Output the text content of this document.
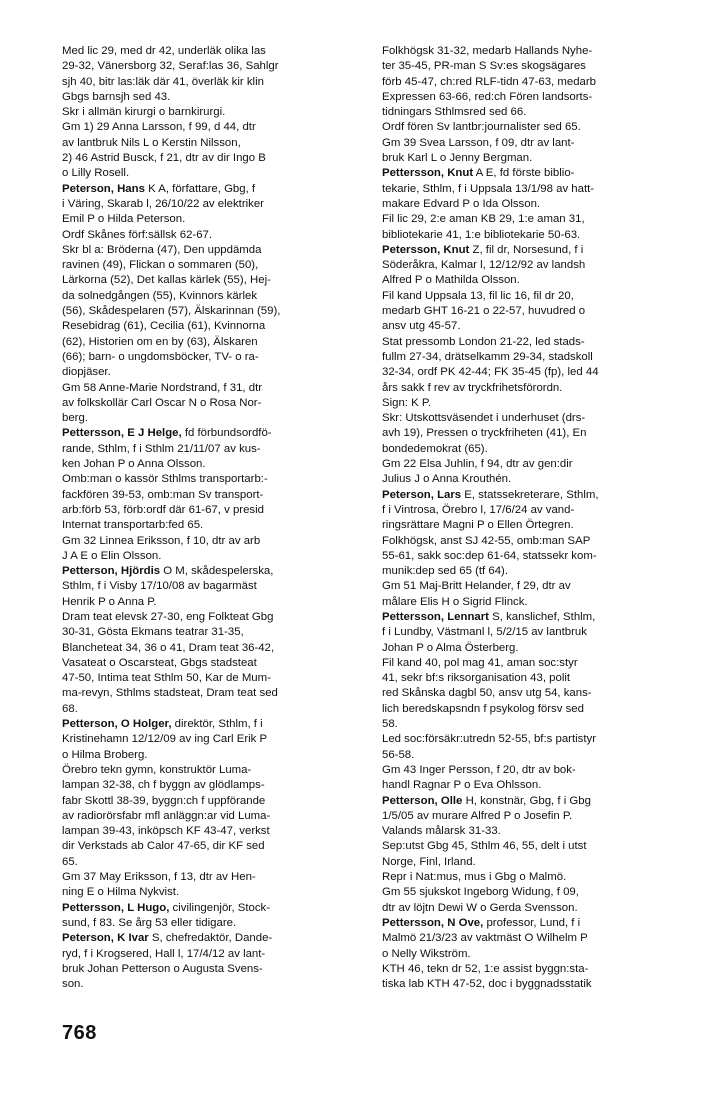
Med lic 29, med dr 42, underläk olika las
29-32, Vänersborg 32, Seraf:las 36, Sahlgr
sjh 40, bitr las:läk där 41, överläk kir klin
Gbgs barnsjh sed 43.
Skr i allmän kirurgi o barnkirurgi.
Gm 1) 29 Anna Larsson, f 99, d 44, dtr
av lantbruk Nils L o Kerstin Nilsson,
2) 46 Astrid Busck, f 21, dtr av dir Ingo B
o Lilly Rosell.
Peterson, Hans K A, författare, Gbg, f
i Väring, Skarab l, 26/10/22 av elektriker
Emil P o Hilda Peterson.
Ordf Skånes förf:sällsk 62-67.
Skr bl a: Bröderna (47), Den uppdämda
ravinen (49), Flickan o sommaren (50),
Lärkorna (52), Det kallas kärlek (55), Hej-
da solnedgången (55), Kvinnors kärlek
(56), Skådespelaren (57), Älskarinnan (59),
Resebidrag (61), Cecilia (61), Kvinnorna
(62), Historien om en by (63), Älskaren
(66); barn- o ungdomsböcker, TV- o ra-
diopjäser.
Gm 58 Anne-Marie Nordstrand, f 31, dtr
av folkskollär Carl Oscar N o Rosa Nor-
berg.
Pettersson, E J Helge, fd förbundsordfö-
rande, Sthlm, f i Sthlm 21/11/07 av kus-
ken Johan P o Anna Olsson.
Omb:man o kassör Sthlms transportarb:-
fackfören 39-53, omb:man Sv transport-
arb:förb 53, förb:ordf där 61-67, v presid
Internat transportarb:fed 65.
Gm 32 Linnea Eriksson, f 10, dtr av arb
J A E o Elin Olsson.
Petterson, Hjördis O M, skådespelerska,
Sthlm, f i Visby 17/10/08 av bagarmäst
Henrik P o Anna P.
Dram teat elevsk 27-30, eng Folkteat Gbg
30-31, Gösta Ekmans teatrar 31-35,
Blancheteat 34, 36 o 41, Dram teat 36-42,
Vasateat o Oscarsteat, Gbgs stadsteat
47-50, Intima teat Sthlm 50, Kar de Mum-
ma-revyn, Sthlms stadsteat, Dram teat sed
68.
Petterson, O Holger, direktör, Sthlm, f i
Kristinehamn 12/12/09 av ing Carl Erik P
o Hilma Broberg.
Örebro tekn gymn, konstruktör Luma-
lampan 32-38, ch f byggn av glödlamps-
fabr Skottl 38-39, byggn:ch f uppförande
av radiorörsfabr mfl anläggn:ar vid Luma-
lampan 39-43, inköpsch KF 43-47, verkst
dir Verkstads ab Calor 47-65, dir KF sed
65.
Gm 37 May Eriksson, f 13, dtr av Hen-
ning E o Hilma Nykvist.
Pettersson, L Hugo, civilingenjör, Stock-
sund, f 83. Se årg 53 eller tidigare.
Peterson, K Ivar S, chefredaktör, Dande-
ryd, f i Krogsered, Hall l, 17/4/12 av lant-
bruk Johan Petterson o Augusta Svens-
son.
Folkhögsk 31-32, medarb Hallands Nyhe-
ter 35-45, PR-man S Sv:es skogsägares
förb 45-47, ch:red RLF-tidn 47-63, medarb
Expressen 63-66, red:ch Fören landsorts-
tidningars Sthlmsred sed 66.
Ordf fören Sv lantbr:journalister sed 65.
Gm 39 Svea Larsson, f 09, dtr av lant-
bruk Karl L o Jenny Bergman.
Pettersson, Knut A E, fd förste biblio-
tekarie, Sthlm, f i Uppsala 13/1/98 av hatt-
makare Edvard P o Ida Olsson.
Fil lic 29, 2:e aman KB 29, 1:e aman 31,
bibliotekarie 41, 1:e bibliotekarie 50-63.
Petersson, Knut Z, fil dr, Norsesund, f i
Söderåkra, Kalmar l, 12/12/92 av landsh
Alfred P o Mathilda Olsson.
Fil kand Uppsala 13, fil lic 16, fil dr 20,
medarb GHT 16-21 o 22-57, huvudred o
ansv utg 45-57.
Stat pressomb London 21-22, led stads-
fullm 27-34, drätselkamm 29-34, stadskoll
32-34, ordf PK 42-44; FK 35-45 (fp), led 44
års sakk f rev av tryckfrihetsförordn.
Sign: K P.
Skr: Utskottsväsendet i underhuset (drs-
avh 19), Pressen o tryckfriheten (41), En
bondedemokrat (65).
Gm 22 Elsa Juhlin, f 94, dtr av gen:dir
Julius J o Anna Krouthén.
Peterson, Lars E, statssekreterare, Sthlm,
f i Vintrosa, Örebro l, 17/6/24 av vand-
ringsrättare Magni P o Ellen Örtegren.
Folkhögsk, anst SJ 42-55, omb:man SAP
55-61, sakk soc:dep 61-64, statssekr kom-
munik:dep sed 65 (tf 64).
Gm 51 Maj-Britt Helander, f 29, dtr av
målare Elis H o Sigrid Flinck.
Pettersson, Lennart S, kanslichef, Sthlm,
f i Lundby, Västmanl l, 5/2/15 av lantbruk
Johan P o Alma Österberg.
Fil kand 40, pol mag 41, aman soc:styr
41, sekr bf:s riksorganisation 43, polit
red Skånska dagbl 50, ansv utg 54, kans-
lich beredskapsndn f psykolog försv sed
58.
Led soc:försäkr:utredn 52-55, bf:s partistyr
56-58.
Gm 43 Inger Persson, f 20, dtr av bok-
handl Ragnar P o Eva Ohlsson.
Petterson, Olle H, konstnär, Gbg, f i Gbg
1/5/05 av murare Alfred P o Josefin P.
Valands målarsk 31-33.
Sep:utst Gbg 45, Sthlm 46, 55, delt i utst
Norge, Finl, Irland.
Repr i Nat:mus, mus i Gbg o Malmö.
Gm 55 sjukskot Ingeborg Widung, f 09,
dtr av löjtn Dewi W o Gerda Svensson.
Pettersson, N Ove, professor, Lund, f i
Malmö 21/3/23 av vaktmäst O Wilhelm P
o Nelly Wikström.
KTH 46, tekn dr 52, 1:e assist byggn:sta-
tiska lab KTH 47-52, doc i byggnadsstatik
768
